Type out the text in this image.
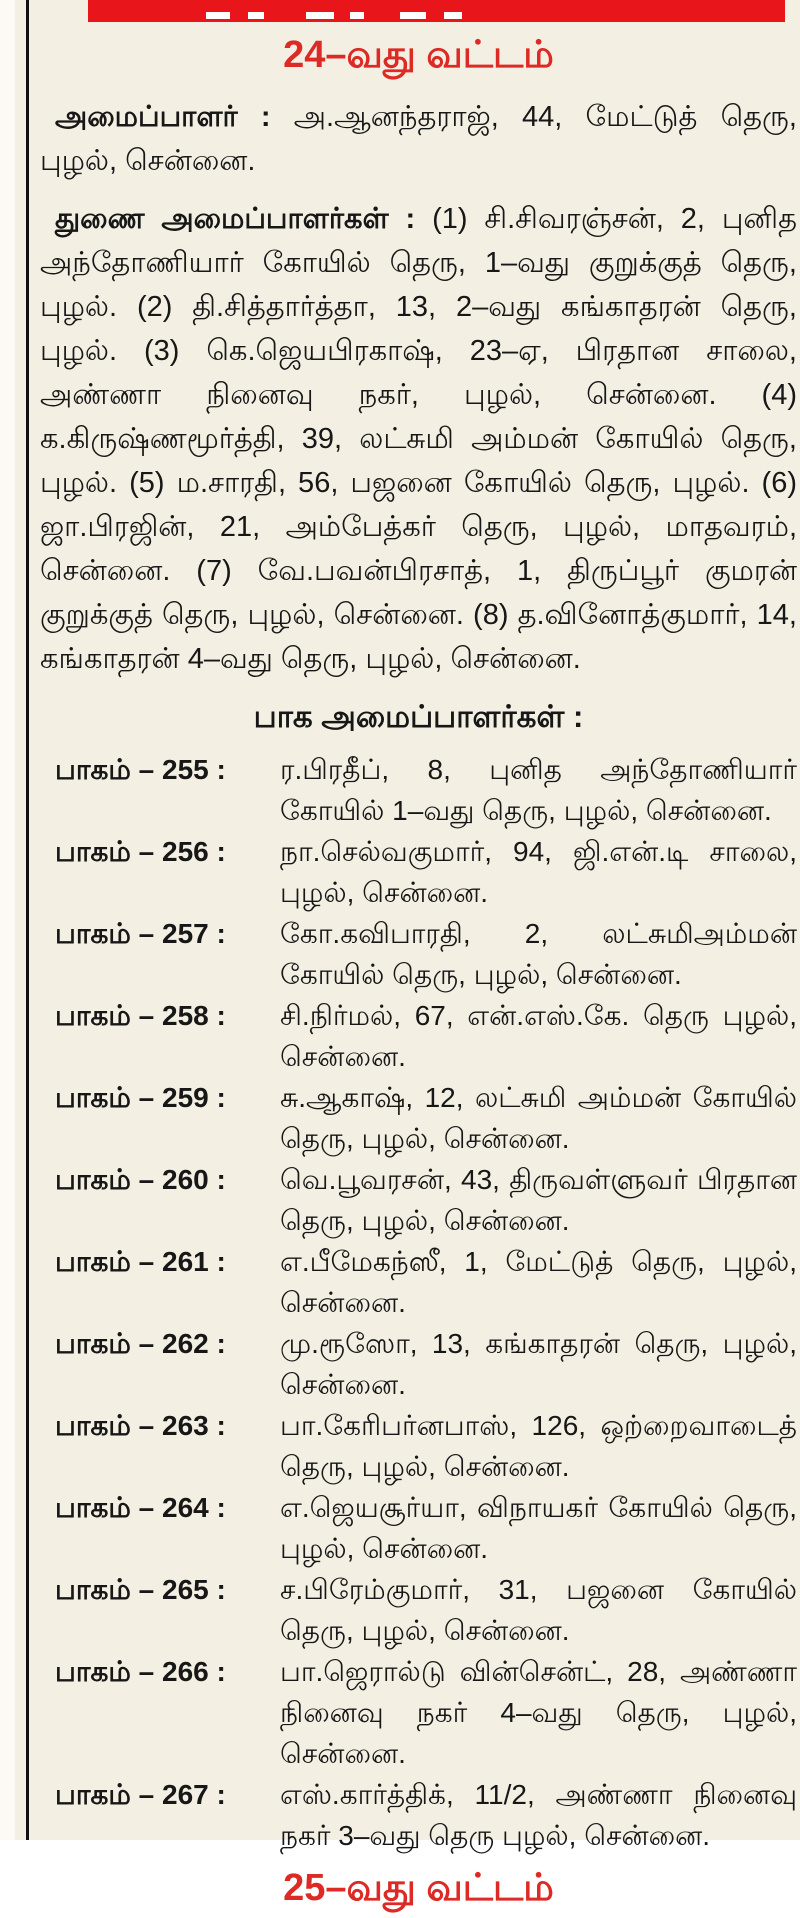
24–வது வட்டம்

அமைப்பாளர் : அ.ஆனந்தராஜ், 44, மேட்டுத் தெரு, புழல், சென்னை.

துணை அமைப்பாளர்கள் : (1) சி.சிவரஞ்சன், 2, புனித அந்தோணியார் கோயில் தெரு, 1–வது குறுக்குத் தெரு, புழல். (2) தி.சித்தார்த்தா, 13, 2–வது கங்காதரன் தெரு, புழல். (3) கெ.ஜெயபிரகாஷ், 23–ஏ, பிரதான சாலை, அண்ணா நினைவு நகர், புழல், சென்னை. (4) க.கிருஷ்ணமூர்த்தி, 39, லட்சுமி அம்மன் கோயில் தெரு, புழல். (5) ம.சாரதி, 56, பஜனை கோயில் தெரு, புழல். (6) ஜா.பிரஜின், 21, அம்பேத்கர் தெரு, புழல், மாதவரம், சென்னை. (7) வே.பவன்பிரசாத், 1, திருப்பூர் குமரன் குறுக்குத் தெரு, புழல், சென்னை. (8) த.வினோத்குமார், 14, கங்காதரன் 4–வது தெரு, புழல், சென்னை.

பாக அமைப்பாளர்கள் :
பாகம் – 255 :	ர.பிரதீப், 8, புனித அந்தோணியார் கோயில் 1–வது தெரு, புழல், சென்னை.
பாகம் – 256 :	நா.செல்வகுமார், 94, ஜி.என்.டி சாலை, புழல், சென்னை.
பாகம் – 257 :	கோ.கவிபாரதி, 2, லட்சுமிஅம்மன் கோயில் தெரு, புழல், சென்னை.
பாகம் – 258 :	சி.நிர்மல், 67, என்.எஸ்.கே. தெரு புழல், சென்னை.
பாகம் – 259 :	சு.ஆகாஷ், 12, லட்சுமி அம்மன் கோயில் தெரு, புழல், சென்னை.
பாகம் – 260 :	வெ.பூவரசன், 43, திருவள்ளுவர் பிரதான தெரு, புழல், சென்னை.
பாகம் – 261 :	எ.பீமேகந்ஸீ, 1, மேட்டுத் தெரு, புழல், சென்னை.
பாகம் – 262 :	மு.ரூஸோ, 13, கங்காதரன் தெரு, புழல், சென்னை.
பாகம் – 263 :	பா.கேரிபர்னபாஸ், 126, ஒற்றைவாடைத் தெரு, புழல், சென்னை.
பாகம் – 264 :	எ.ஜெயசூர்யா, விநாயகர் கோயில் தெரு, புழல், சென்னை.
பாகம் – 265 :	ச.பிரேம்குமார், 31, பஜனை கோயில் தெரு, புழல், சென்னை.
பாகம் – 266 :	பா.ஜெரால்டு வின்சென்ட், 28, அண்ணா நினைவு நகர் 4–வது தெரு, புழல், சென்னை.
பாகம் – 267 :	எஸ்.கார்த்திக், 11/2, அண்ணா நினைவு நகர் 3–வது தெரு புழல், சென்னை.
25–வது வட்டம்
